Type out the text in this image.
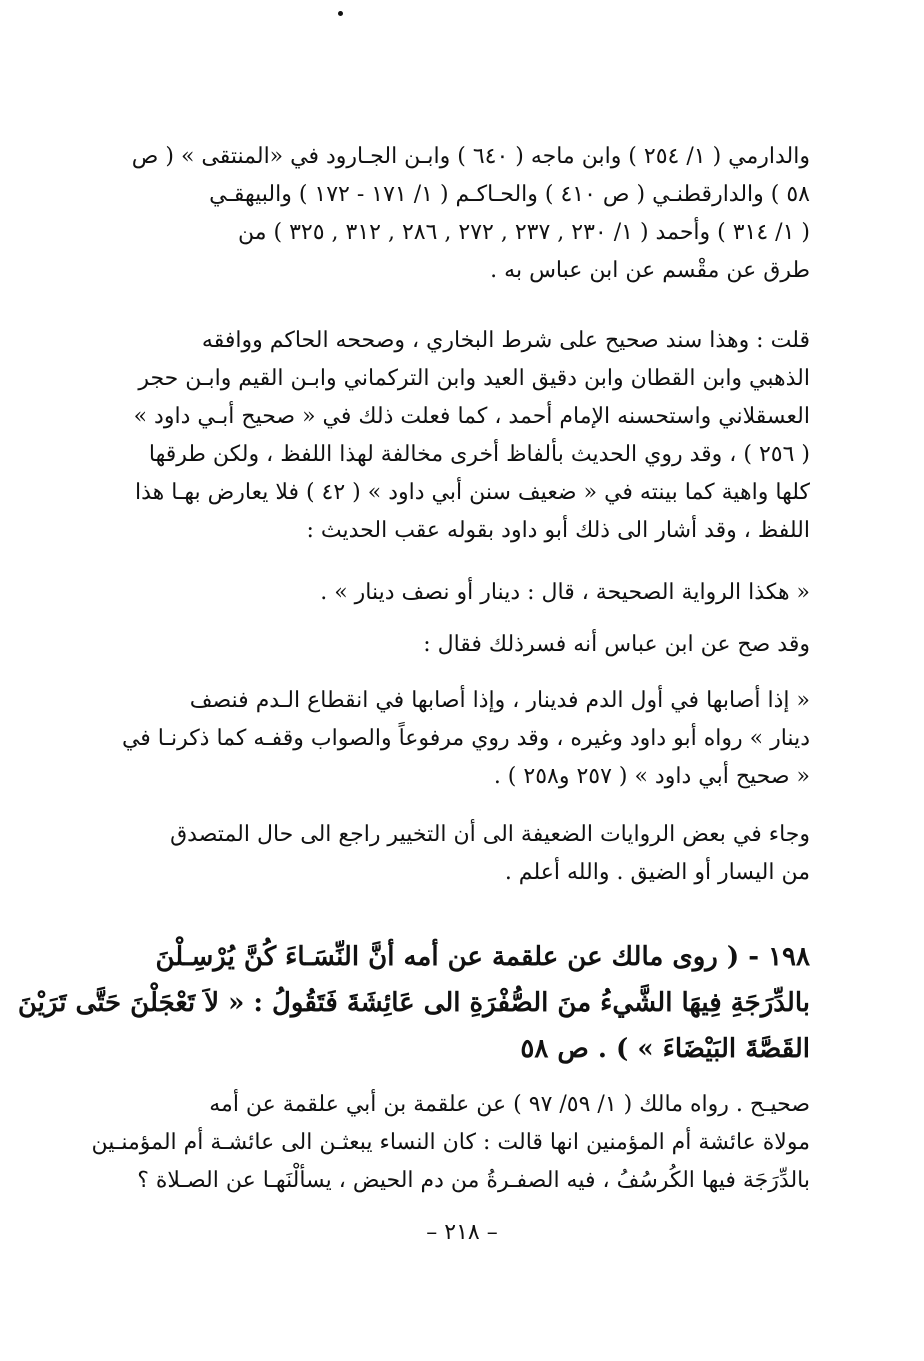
والدارمي ( ١/ ٢٥٤ ) وابن ماجه ( ٦٤٠ ) وابـن الجـارود في «المنتقى » ( ص
٥٨ ) والدارقطنـي ( ص ٤١٠ ) والحـاكـم ( ١/ ١٧١ - ١٧٢ ) والبيهقـي
( ١/ ٣١٤ ) وأحمد ( ١/ ٢٣٠ , ٢٣٧ , ٢٧٢ , ٢٨٦ , ٣١٢ , ٣٢٥ ) من
طرق عن مقْسم عن ابن عباس به .
قلت : وهذا سند صحيح على شرط البخاري ، وصححه الحاكم ووافقه
الذهبي وابن القطان وابن دقيق العيد وابن التركماني وابـن القيم وابـن حجر
العسقلاني واستحسنه الإمام أحمد ، كما فعلت ذلك في « صحيح أبـي داود »
( ٢٥٦ ) ، وقد روي الحديث بألفاظ أخرى مخالفة لهذا اللفظ ، ولكن طرقها
كلها واهية كما بينته في « ضعيف سنن أبي داود » ( ٤٢ ) فلا يعارض بهـا هذا
اللفظ ، وقد أشار الى ذلك أبو داود بقوله عقب الحديث :
« هكذا الرواية الصحيحة ، قال : دينار أو نصف دينار » .
وقد صح عن ابن عباس أنه فسرذلك فقال :
« إذا أصابها في أول الدم فدينار ، وإذا أصابها في انقطاع الـدم فنصف
دينار » رواه أبو داود وغيره ، وقد روي مرفوعاً والصواب وقفـه كما ذكرنـا في
« صحيح أبي داود » ( ٢٥٧ و٢٥٨ ) .
وجاء في بعض الروايات الضعيفة الى أن التخيير راجع الى حال المتصدق
من اليسار أو الضيق . والله أعلم .
١٩٨ - ( روى مالك عن علقمة عن أمه أنَّ النِّسَـاءَ كُنَّ يُرْسِـلْنَ
بالدِّرَجَةِ فِيهَا الشَّيءُ منَ الصُّفْرَةِ الى عَائِشَةَ فَتَقُولُ : « لاَ تَعْجَلْنَ حَتَّى تَرَيْنَ
القَصَّةَ البَيْضَاءَ » ) . ص ٥٨
صحيـح . رواه مالك ( ١/ ٥٩/ ٩٧ ) عن علقمة بن أبي علقمة عن أمه
مولاة عائشة أم المؤمنين انها قالت : كان النساء يبعثـن الى عائشـة أم المؤمنـين
بالدِّرَجَة فيها الكُرسُفُ ، فيه الصفـرةُ من دم الحيض ، يسألْنَهـا عن الصـلاة ؟
– ٢١٨ –
